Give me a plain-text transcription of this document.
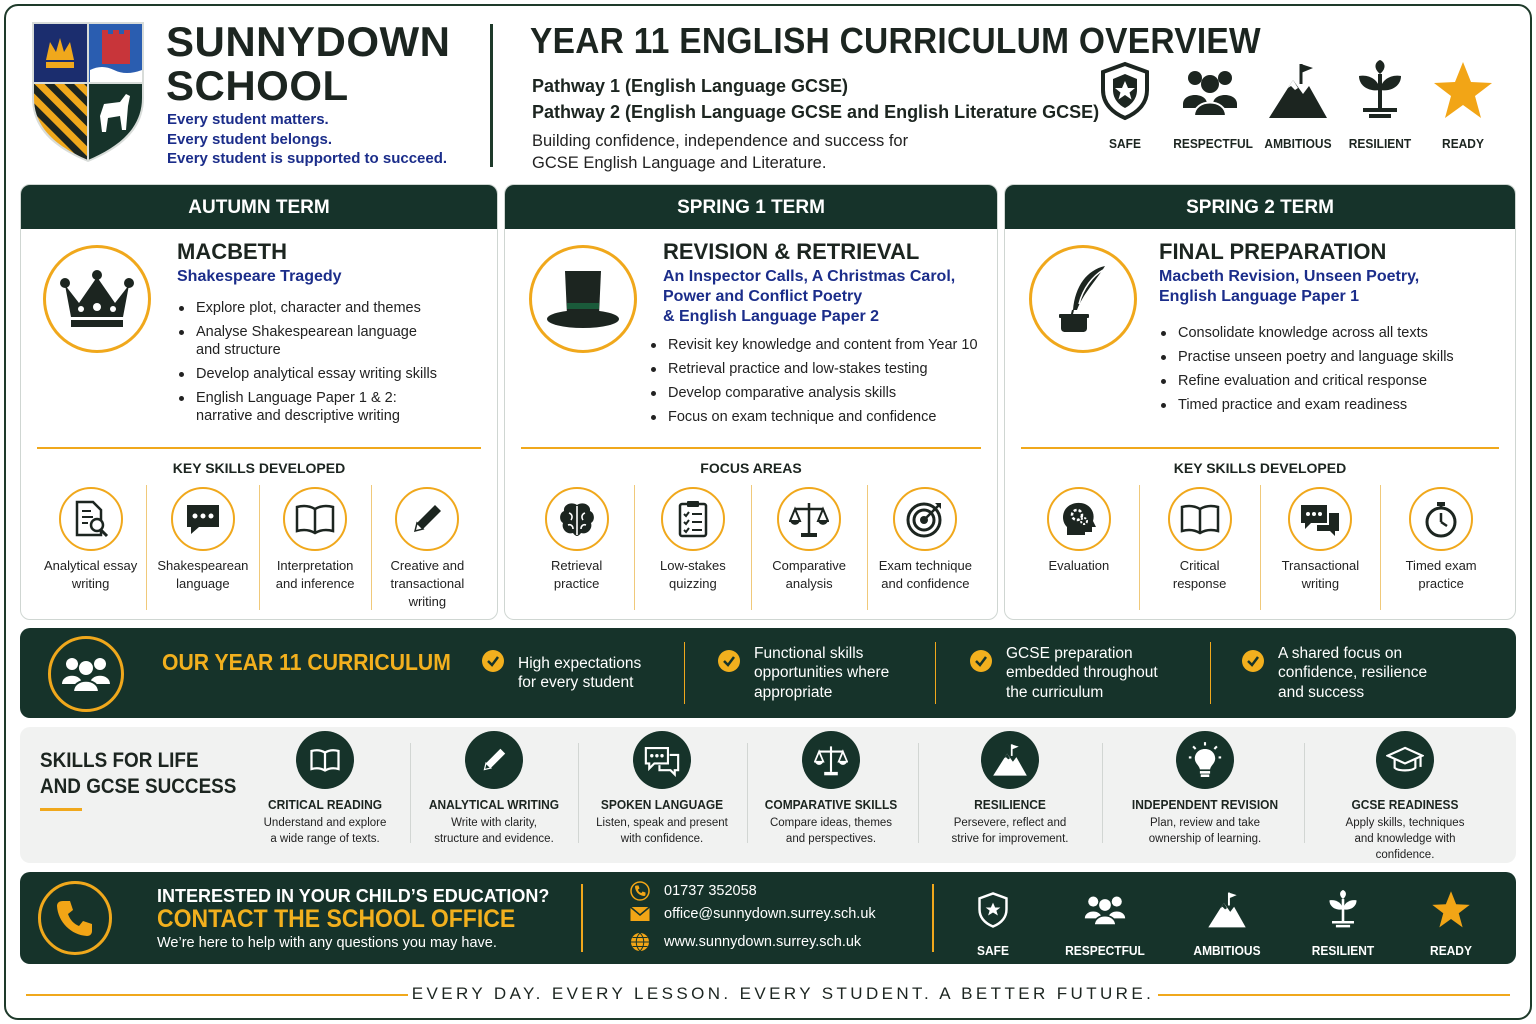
SUNNYDOWN
SCHOOL
Every student matters.
Every student belongs.
Every student is supported to succeed.
YEAR 11 ENGLISH CURRICULUM OVERVIEW
Pathway 1 (English Language GCSE)
Pathway 2 (English Language GCSE and English Literature GCSE)
Building confidence, independence and success for
GCSE English Language and Literature.
SAFE	RESPECTFUL AMBITIOUS	RESILIENT	READY
AUTUMN TERM
MACBETH
Shakespeare Tragedy
Explore plot, character and themes
Analyse Shakespearean language
and structure
Develop analytical essay writing skills
English Language Paper 1 & 2:
narrative and descriptive writing
KEY SKILLS DEVELOPED
Analytical essay
writing
Shakespearean
language
Interpretation
and inference
Creative and
transactional
writing
SPRING 1 TERM
REVISION & RETRIEVAL
An Inspector Calls, A Christmas Carol,
Power and Conflict Poetry
& English Language Paper 2
Revisit key knowledge and content from Year 10
Retrieval practice and low-stakes testing
Develop comparative analysis skills
Focus on exam technique and confidence
FOCUS AREAS
Retrieval
practice
Low-stakes
quizzing
Comparative
analysis
Exam technique
and confidence
SPRING 2 TERM
FINAL PREPARATION
Macbeth Revision, Unseen Poetry,
English Language Paper 1
Consolidate knowledge across all texts
Practise unseen poetry and language skills
Refine evaluation and critical response
Timed practice and exam readiness
KEY SKILLS DEVELOPED
Evaluation	Critical
response
Transactional
writing
Timed exam
practice
OUR YEAR 11 CURRICULUM	High expectations
for every student
Functional skills
opportunities where
appropriate
GCSE preparation
embedded throughout
the curriculum
A shared focus on
confidence, resilience
and success
SKILLS FOR LIFE
AND GCSE SUCCESS
CRITICAL READING
Understand and explore
a wide range of texts.
ANALYTICAL WRITING
Write with clarity,
structure and evidence.
SPOKEN LANGUAGE
Listen, speak and present
with confidence.
COMPARATIVE SKILLS
Compare ideas, themes
and perspectives.
RESILIENCE
Persevere, reflect and
strive for improvement.
INDEPENDENT REVISION
Plan, review and take
ownership of learning.
GCSE READINESS
Apply skills, techniques
and knowledge with
confidence.
INTERESTED IN YOUR CHILD’S EDUCATION?
CONTACT THE SCHOOL OFFICE
We’re here to help with any questions you may have.
01737 352058
office@sunnydown.surrey.sch.uk
www.sunnydown.surrey.sch.uk
SAFE	RESPECTFUL	AMBITIOUS	RESILIENT	READY
EVERY DAY. EVERY LESSON. EVERY STUDENT. A BETTER FUTURE.
